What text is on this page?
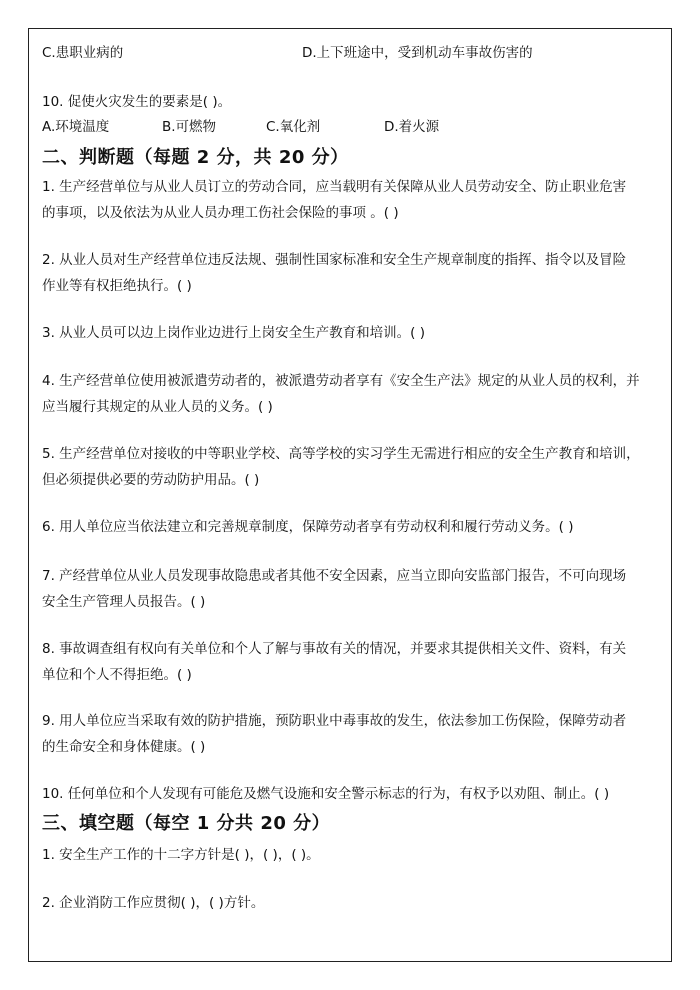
C.患职业病的	D.上下班途中，受到机动车事故伤害的
10. 促使火灾发生的要素是( )。
A.环境温度	B.可燃物	C.氧化剂	D.着火源
二、判断题（每题 2 分，共 20 分）
1. 生产经营单位与从业人员订立的劳动合同，应当载明有关保障从业人员劳动安全、防止职业危害
的事项，以及依法为从业人员办理工伤社会保险的事项 。( )
2. 从业人员对生产经营单位违反法规、强制性国家标准和安全生产规章制度的指挥、指令以及冒险
作业等有权拒绝执行。( )
3. 从业人员可以边上岗作业边进行上岗安全生产教育和培训。( )
4. 生产经营单位使用被派遣劳动者的，被派遣劳动者享有《安全生产法》规定的从业人员的权利，并
应当履行其规定的从业人员的义务。( )
5. 生产经营单位对接收的中等职业学校、高等学校的实习学生无需进行相应的安全生产教育和培训，
但必须提供必要的劳动防护用品。( )
6. 用人单位应当依法建立和完善规章制度，保障劳动者享有劳动权利和履行劳动义务。( )
7. 产经营单位从业人员发现事故隐患或者其他不安全因素，应当立即向安监部门报告，不可向现场
安全生产管理人员报告。( )
8. 事故调查组有权向有关单位和个人了解与事故有关的情况，并要求其提供相关文件、资料，有关
单位和个人不得拒绝。( )
9. 用人单位应当采取有效的防护措施，预防职业中毒事故的发生，依法参加工伤保险，保障劳动者
的生命安全和身体健康。( )
10. 任何单位和个人发现有可能危及燃气设施和安全警示标志的行为，有权予以劝阻、制止。( )
三、填空题（每空 1 分共 20 分）
1. 安全生产工作的十二字方针是( )，( )，( )。
2. 企业消防工作应贯彻( )，( )方针。
